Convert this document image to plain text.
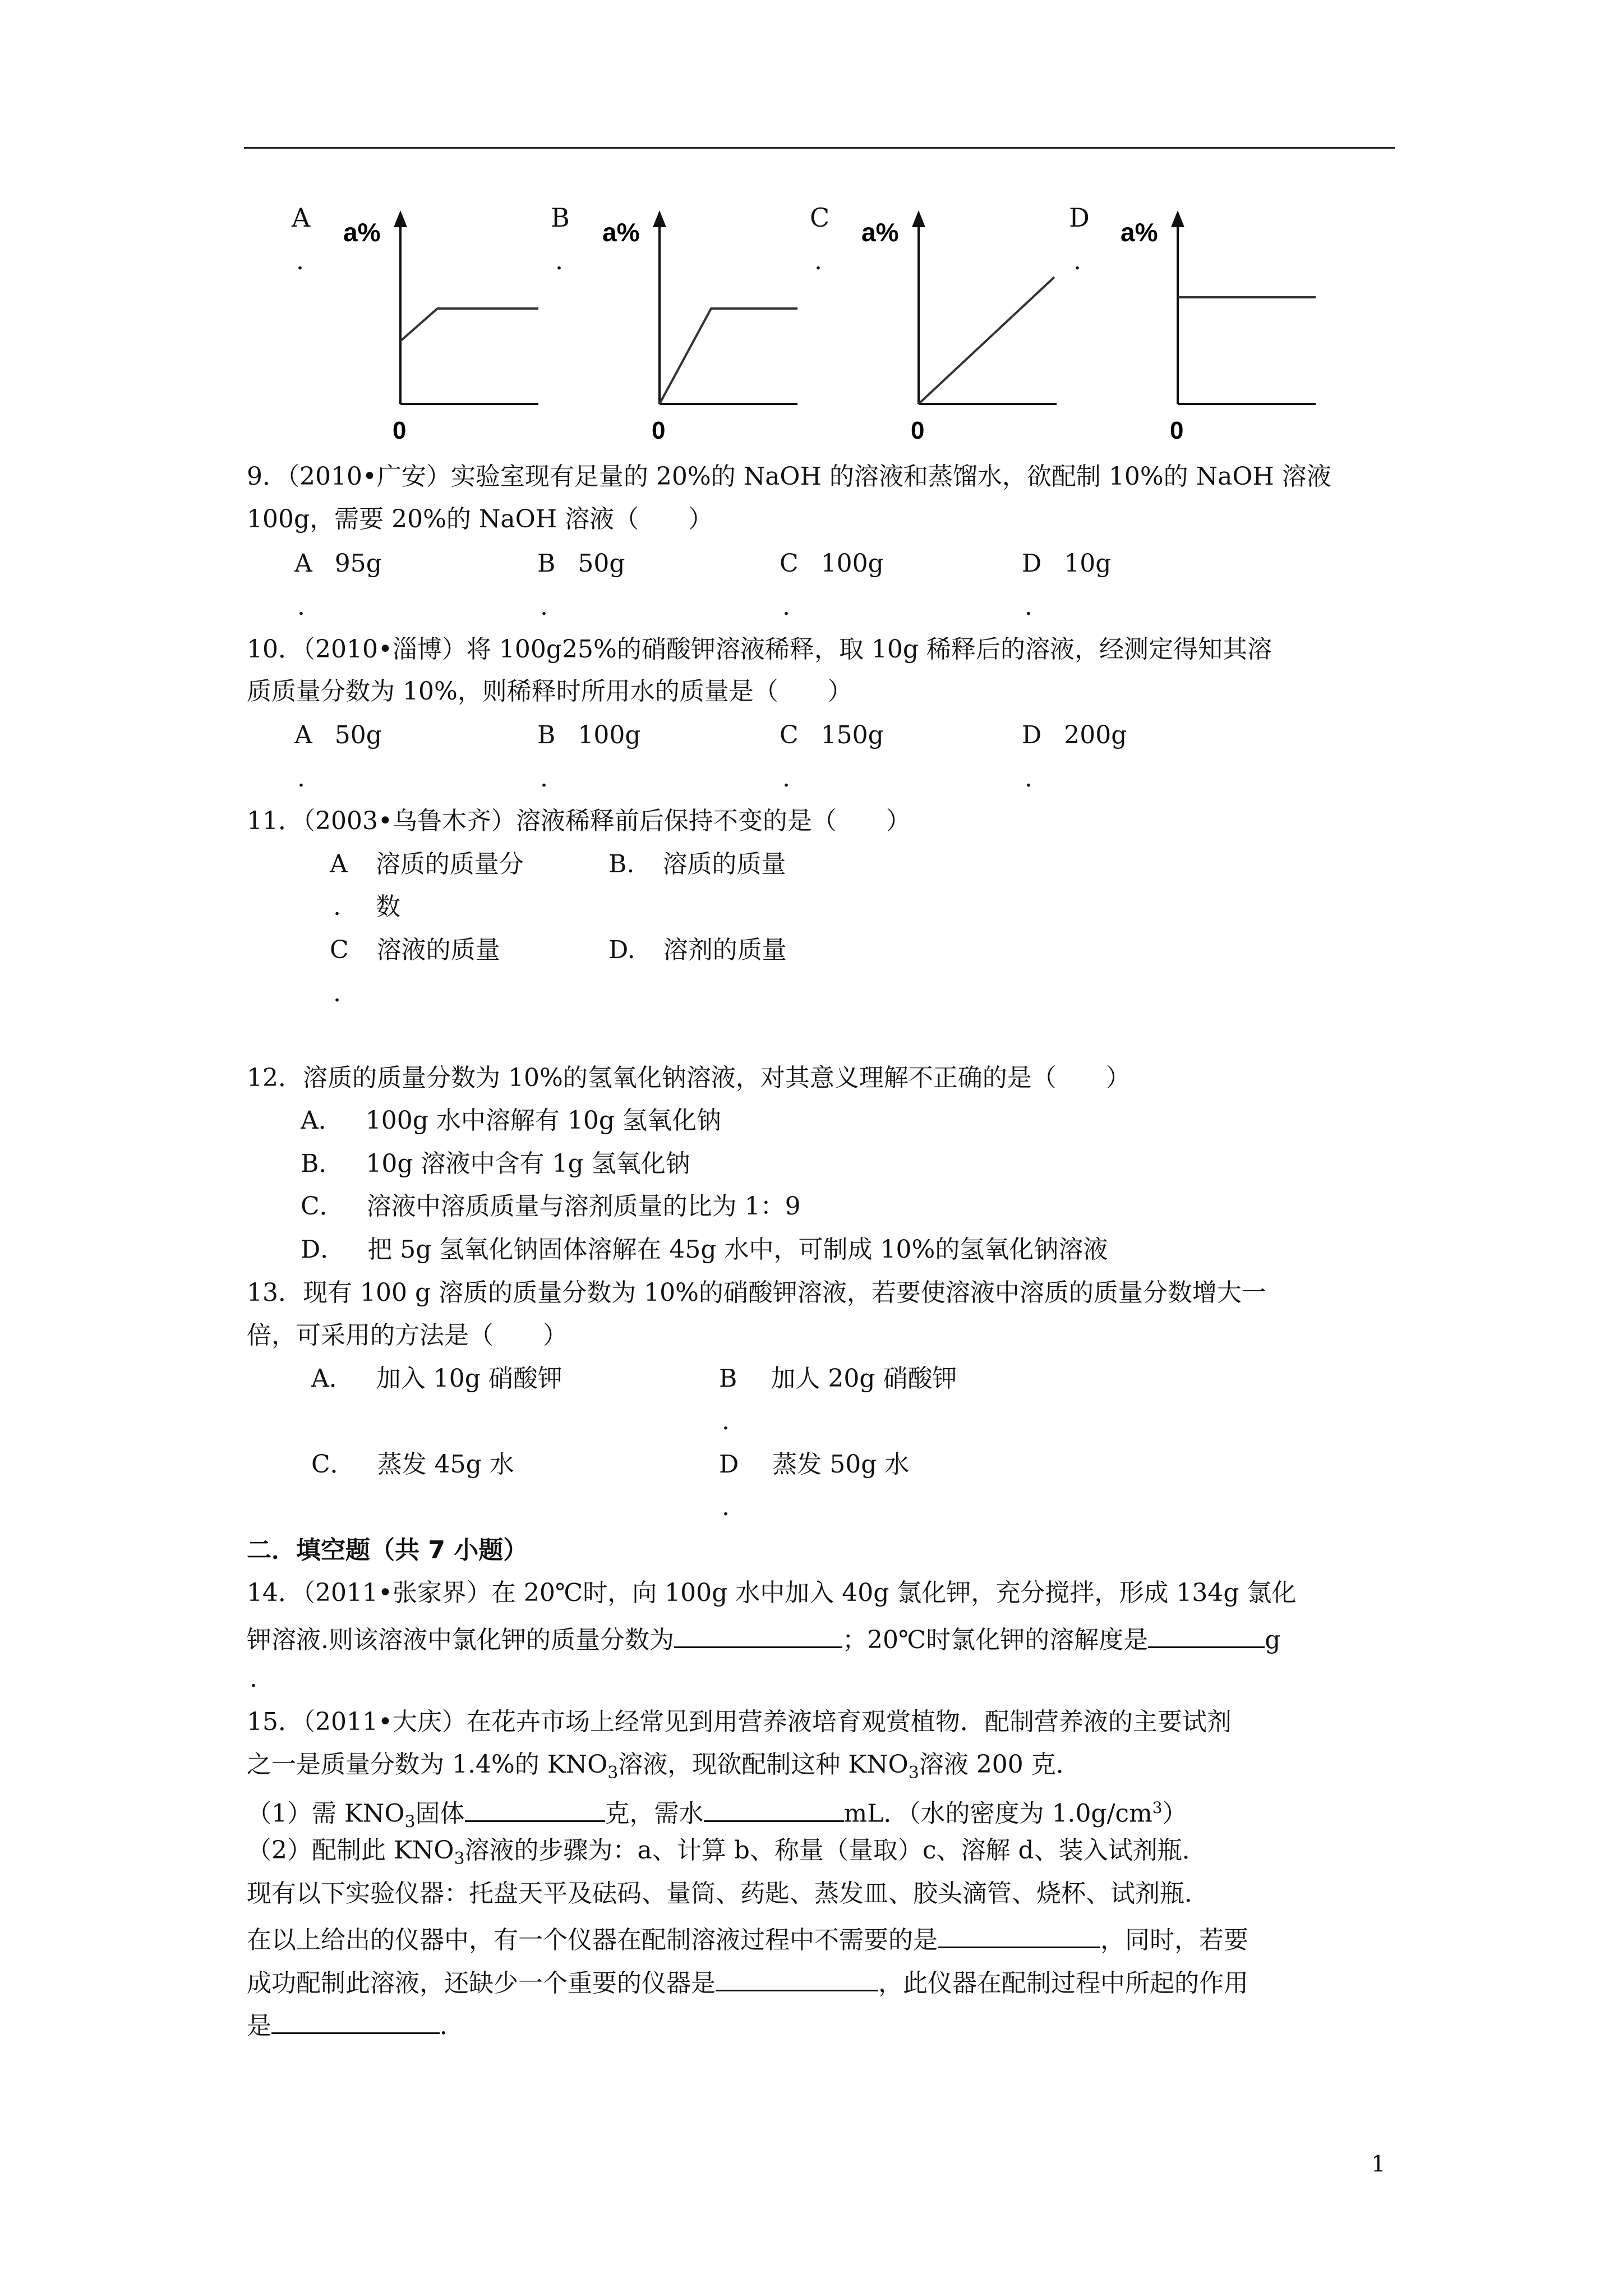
A
.
a%
0
B
.
a%
0
C
.
a%
0
D
.
a%
0
9．（2010•广安）实验室现有足量的 20%的 NaOH 的溶液和蒸馏水，欲配制 10%的 NaOH 溶液
100g，需要 20%的 NaOH 溶液（　　）
A 95g
.
B 50g
.
C 100g
.
D 10g
.
10．（2010•淄博）将 100g25%的硝酸钾溶液稀释，取 10g 稀释后的溶液，经测定得知其溶
质质量分数为 10%，则稀释时所用水的质量是（　　）
A 50g
.
B 100g
.
C 150g
.
D 200g
.
11．（2003•乌鲁木齐）溶液稀释前后保持不变的是（　　）
A 溶质的质量分
. 数
B. 溶质的质量
C 溶液的质量
.
D. 溶剂的质量
12．溶质的质量分数为 10%的氢氧化钠溶液，对其意义理解不正确的是（　　）
A． 100g 水中溶解有 10g 氢氧化钠
B． 10g 溶液中含有 1g 氢氧化钠
C． 溶液中溶质质量与溶剂质量的比为 1：9
D． 把 5g 氢氧化钠固体溶解在 45g 水中，可制成 10%的氢氧化钠溶液
13．现有 100 g 溶质的质量分数为 10%的硝酸钾溶液，若要使溶液中溶质的质量分数增大一
倍，可采用的方法是（　　）
A． 加入 10g 硝酸钾	B 加人 20g 硝酸钾
.
C． 蒸发 45g 水	D 蒸发 50g 水
.
二．填空题（共 7 小题）
14．（2011•张家界）在 20℃时，向 100g 水中加入 40g 氯化钾，充分搅拌，形成 134g 氯化
钾溶液.则该溶液中氯化钾的质量分数为	；20℃时氯化钾的溶解度是	g
.
15．（2011•大庆）在花卉市场上经常见到用营养液培育观赏植物．配制营养液的主要试剂
之一是质量分数为 1.4%的 $KNO_3$溶液，现欲配制这种 $KNO_3$溶液 200 克．
（1）需 $KNO_3$固体	克，需水	mL．（水的密度为 $1.0g/cm^3$）
（2）配制此 $KNO_3$溶液的步骤为：a、计算 b、称量（量取）c、溶解 d、装入试剂瓶．
现有以下实验仪器：托盘天平及砝码、量筒、药匙、蒸发皿、胶头滴管、烧杯、试剂瓶．
在以上给出的仪器中，有一个仪器在配制溶液过程中不需要的是	，同时，若要
成功配制此溶液，还缺少一个重要的仪器是	，此仪器在配制过程中所起的作用
是	．
1
